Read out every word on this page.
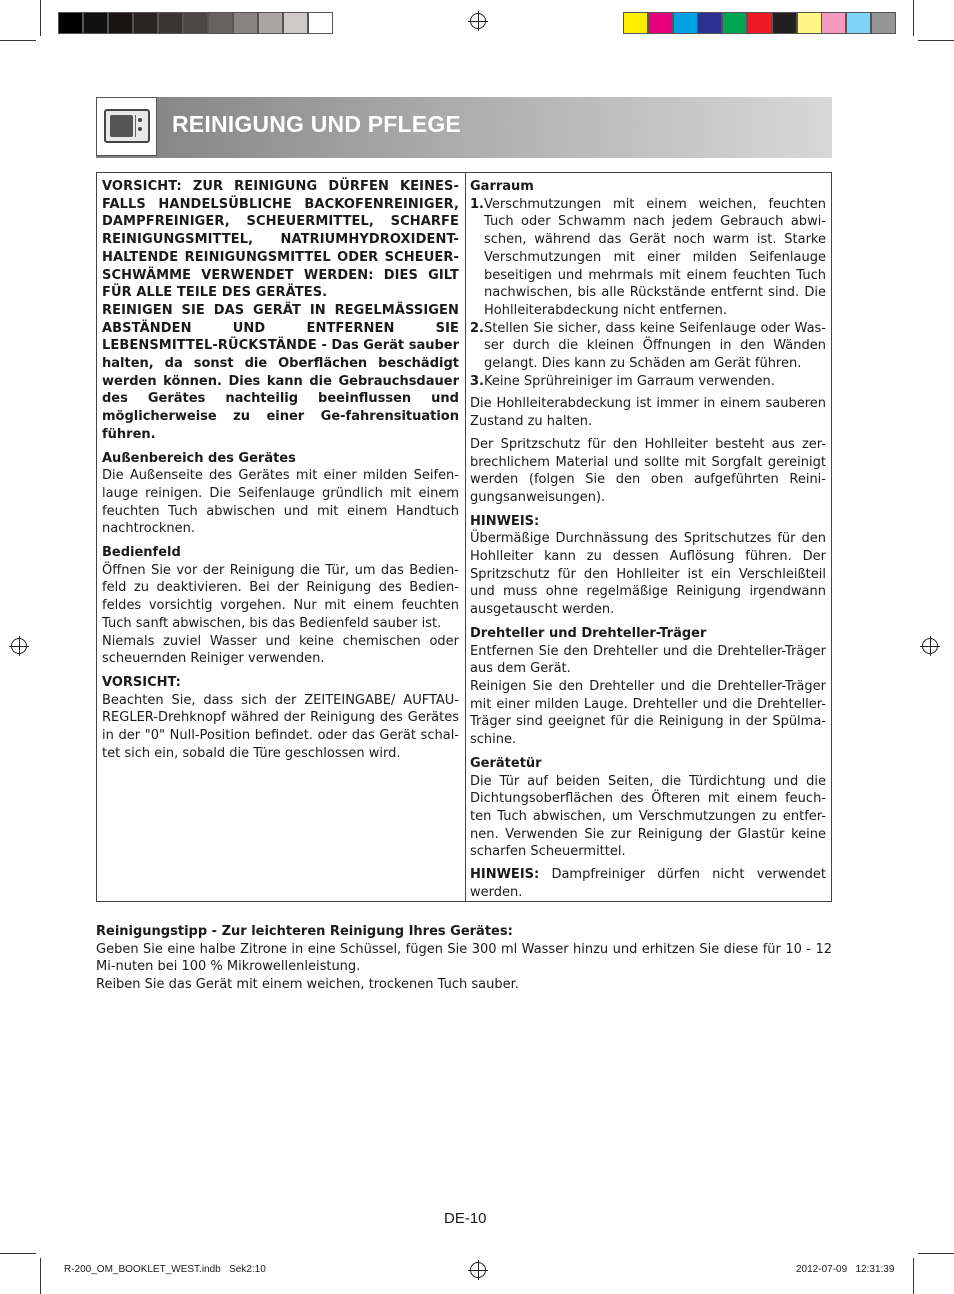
REINIGUNG UND PFLEGE

VORSICHT: ZUR REINIGUNG DÜRFEN KEINES-FALLS HANDELSÜBLICHE BACKOFENREINIGER, DAMPFREINIGER, SCHEUERMITTEL, SCHARFE REINIGUNGSMITTEL, NATRIUMHYDROXIDENT-HALTENDE REINIGUNGSMITTEL ODER SCHEUER-SCHWÄMME VERWENDET WERDEN: DIES GILT FÜR ALLE TEILE DES GERÄTES.

REINIGEN SIE DAS GERÄT IN REGELMÄSSIGEN ABSTÄNDEN UND ENTFERNEN SIE LEBENSMITTEL-RÜCKSTÄNDE - Das Gerät sauber halten, da sonst die Oberflächen beschädigt werden können. Dies kann die Gebrauchsdauer des Gerätes nachteilig beeinflussen und möglicherweise zu einer Ge-fahrensituation führen.

Außenbereich des Gerätes

Die Außenseite des Gerätes mit einer milden Seifen-lauge reinigen. Die Seifenlauge gründlich mit einem feuchten Tuch abwischen und mit einem Handtuch nachtrocknen.

Bedienfeld

Öffnen Sie vor der Reinigung die Tür, um das Bedien-feld zu deaktivieren. Bei der Reinigung des Bedien-feldes vorsichtig vorgehen. Nur mit einem feuchten Tuch sanft abwischen, bis das Bedienfeld sauber ist.

Niemals zuviel Wasser und keine chemischen oder scheuernden Reiniger verwenden.

VORSICHT:

Beachten Sie, dass sich der ZEITEINGABE/ AUFTAU-REGLER-Drehknopf währed der Reinigung des Gerätes in der "0" Null-Position befindet. oder das Gerät schal-tet sich ein, sobald die Türe geschlossen wird.

Garraum

1. Verschmutzungen mit einem weichen, feuchten Tuch oder Schwamm nach jedem Gebrauch abwi-schen, während das Gerät noch warm ist. Starke Verschmutzungen mit einer milden Seifenlauge beseitigen und mehrmals mit einem feuchten Tuch nachwischen, bis alle Rückstände entfernt sind. Die Hohlleiterabdeckung nicht entfernen.
2. Stellen Sie sicher, dass keine Seifenlauge oder Was-ser durch die kleinen Öffnungen in den Wänden gelangt. Dies kann zu Schäden am Gerät führen.
3. Keine Sprühreiniger im Garraum verwenden.

Die Hohlleiterabdeckung ist immer in einem sauberen Zustand zu halten.

Der Spritzschutz für den Hohlleiter besteht aus zer-brechlichem Material und sollte mit Sorgfalt gereinigt werden (folgen Sie den oben aufgeführten Reini-gungsanweisungen).

HINWEIS:

Übermäßige Durchnässung des Spritschutzes für den Hohlleiter kann zu dessen Auflösung führen. Der Spritzschutz für den Hohlleiter ist ein Verschleißteil und muss ohne regelmäßige Reinigung irgendwann ausgetauscht werden.

Drehteller und Drehteller-Träger

Entfernen Sie den Drehteller und die Drehteller-Träger aus dem Gerät.

Reinigen Sie den Drehteller und die Drehteller-Träger mit einer milden Lauge. Drehteller und die Drehteller-Träger sind geeignet für die Reinigung in der Spülma-schine.

Gerätetür

Die Tür auf beiden Seiten, die Türdichtung und die Dichtungsoberflächen des Öfteren mit einem feuch-ten Tuch abwischen, um Verschmutzungen zu entfer-nen. Verwenden Sie zur Reinigung der Glastür keine scharfen Scheuermittel.

HINWEIS: Dampfreiniger dürfen nicht verwendet werden.

Reinigungstipp - Zur leichteren Reinigung Ihres Gerätes:

Geben Sie eine halbe Zitrone in eine Schüssel, fügen Sie 300 ml Wasser hinzu und erhitzen Sie diese für 10 - 12 Mi-nuten bei 100 % Mikrowellenleistung.

Reiben Sie das Gerät mit einem weichen, trockenen Tuch sauber.

DE-10
R-200_OM_BOOKLET_WEST.indb   Sek2:10	2012-07-09   12:31:39
